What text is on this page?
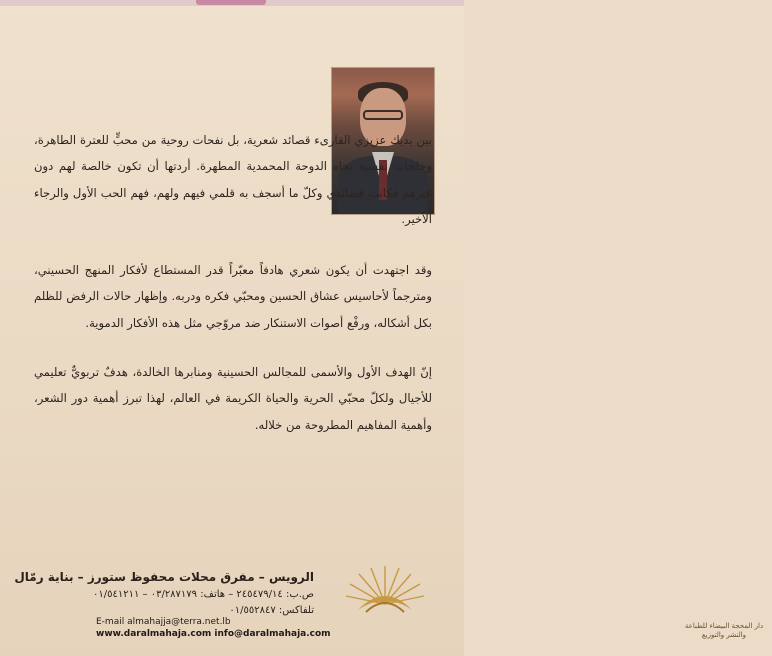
بين يديك عزيزي القارىء قصائد شعرية، بل نفحات روحية من محبٍّ للعترة الطاهرة، وخلجات نفسية تجاه الدوحة المحمدية المطهرة. أردتها أن تكون خالصة لهم دون غيرهم فكانت قصائدي وكلّ ما أسجف به قلمي فيهم ولهم، فهم الحب الأول والرجاء الأخير.

وقد اجتهدت أن يكون شعري هادفاً معبّراً قدر المستطاع لأفكار المنهج الحسيني، ومترجماً لأحاسيس عشاق الحسين ومحبّي فكره ودربه. وإظهار حالات الرفض للظلم بكل أشكاله، ورفْع أصوات الاستنكار ضد مروّجي مثل هذه الأفكار الدموية.

إنّ الهدف الأول والأسمى للمجالس الحسينية ومنابرها الخالدة، هدفٌ تربويٌّ تعليمي للأجيال ولكلّ محبّي الحرية والحياة الكريمة في العالم، لهذا تبرز أهمية دور الشعر، وأهمية المفاهيم المطروحة من خلاله.

الرويس – مفرق محلات محفوظ ستورز – بناية رمّال
ص.ب: ٢٤٥٤٧٩/١٤ – هاتف: ٠٣/٢٨٧١٧٩ – ٠١/٥٤١٢١١
تلفاكس: ٠١/٥٥٢٨٤٧
E-mail almahajja@terra.net.lb
www.daralmahaja.com info@daralmahaja.com
دار المحجة البيضاء للطباعة والنشر والتوزيع
